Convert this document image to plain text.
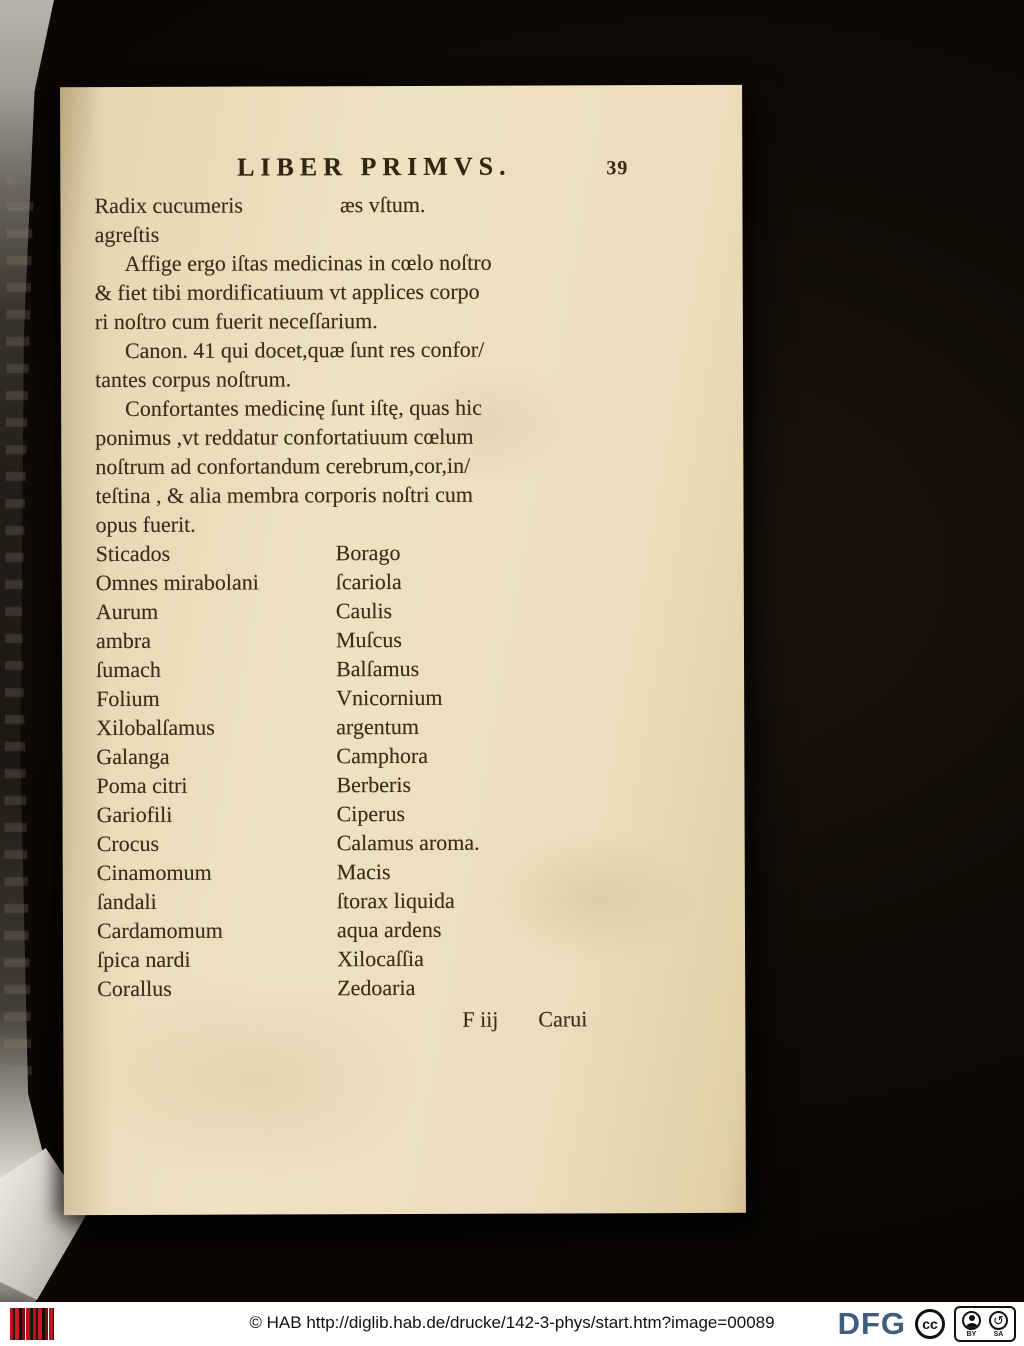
LIBER PRIMVS.	39
Radix cucumeris	æs vſtum.
agreſtis
Affige ergo iſtas medicinas in cœlo noſtro
& fiet tibi mordificatiuum vt applices corpo
ri noſtro cum fuerit neceſſarium.
Canon. 41 qui docet,quæ ſunt res confor/
tantes corpus noſtrum.
Confortantes medicinę ſunt iſtę, quas hic
ponimus ,vt reddatur confortatiuum cœlum
noſtrum ad confortandum cerebrum,cor,in/
teſtina , & alia membra corporis noſtri cum
opus fuerit.
Sticados	Borago
Omnes mirabolani	ſcariola
Aurum	Caulis
ambra	Muſcus
ſumach	Balſamus
Folium	Vnicornium
Xilobalſamus	argentum
Galanga	Camphora
Poma citri	Berberis
Gariofili	Ciperus
Crocus	Calamus aroma.
Cinamomum	Macis
ſandali	ſtorax liquida
Cardamomum	aqua ardens
ſpica nardi	Xilocaſſia
Corallus	Zedoaria
F iij Carui
© HAB http://diglib.hab.de/drucke/142-3-phys/start.htm?image=00089	DFG	cc
BY
↺
SA
